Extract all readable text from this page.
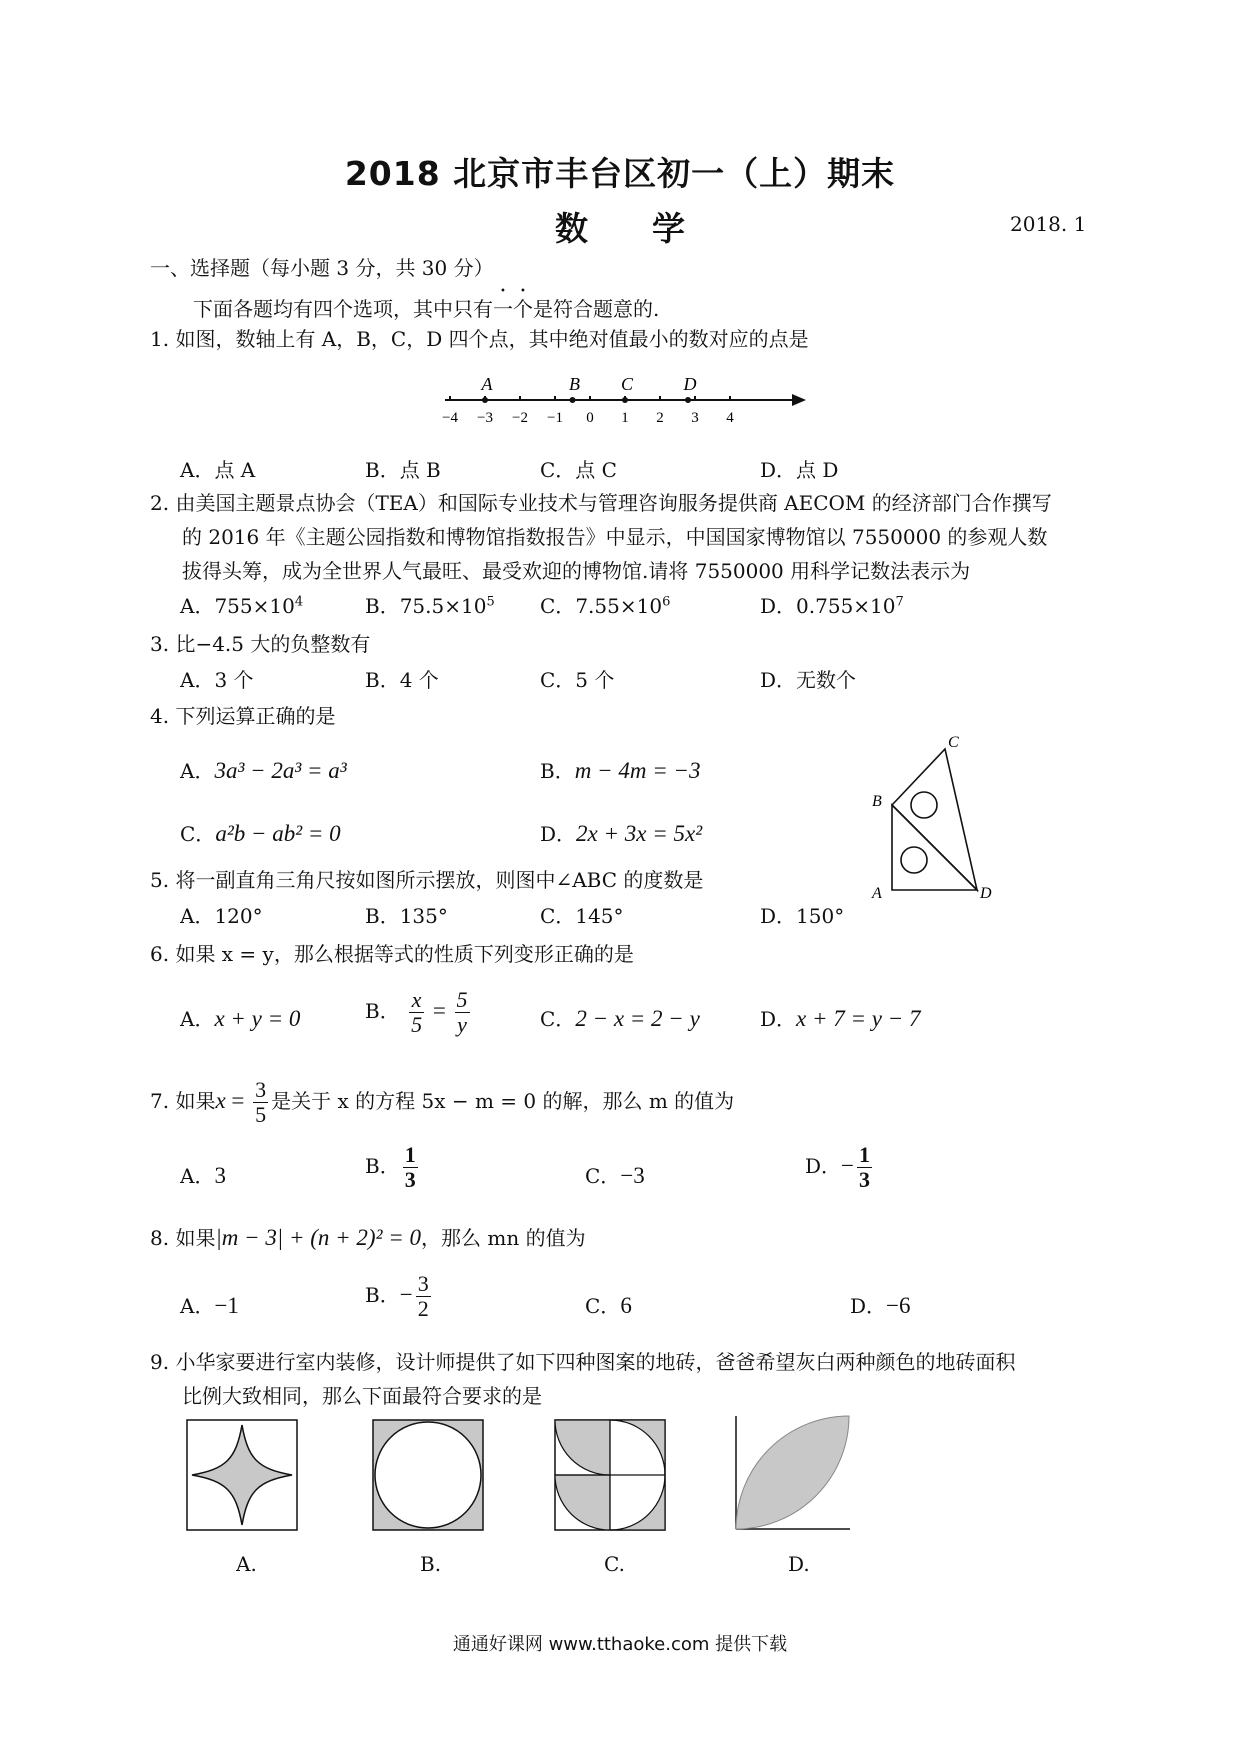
2018 北京市丰台区初一（上）期末
数 学	2018. 1
一、选择题（每小题 3 分，共 30 分）
下面各题均有四个选项，其中只有一个是符合题意的.
1. 如图，数轴上有 A，B，C，D 四个点，其中绝对值最小的数对应的点是
−4 −3 −2 −1 0 1 2 3 4
A	B C	D
A．点 A	B．点 B	C．点 C	D．点 D
2. 由美国主题景点协会（TEA）和国际专业技术与管理咨询服务提供商 AECOM 的经济部门合作撰写
的 2016 年《主题公园指数和博物馆指数报告》中显示，中国国家博物馆以 7550000 的参观人数
拔得头筹，成为全世界人气最旺、最受欢迎的博物馆.请将 7550000 用科学记数法表示为
A．$755\times 10^4$	B．$75.5\times 10^5$ C．$7.55\times 10^6$	D．$0.755\times 10^7$
3. 比−4.5 大的负整数有
A．3 个	B．4 个	C．5 个	D．无数个
4. 下列运算正确的是
A．3a³ − 2a³ = a³	B．m − 4m = −3
C．a²b − ab² = 0	D．2x + 3x = 5x²
C
B
A	D
5. 将一副直角三角尺按如图所示摆放，则图中∠ABC 的度数是
A．120°	B．135°	C．145°	D．150°
6. 如果 x = y，那么根据等式的性质下列变形正确的是
A．x + y = 0	B． $\frac{x}{5} = \frac{5}{y}$	C．2 − x = 2 − y	D．x + 7 = y − 7
7. 如果$x = \frac{3}{5}$ 是关于 x 的方程 5x − m = 0 的解，那么 m 的值为
A．3	B． $\frac{1}{3}$	C．−3	D．− $\frac{1}{3}$
8. 如果|m − 3| + (n + 2)² = 0，那么 mn 的值为
A．−1	B．− $\frac{3}{2}$	C．6	D．−6
9. 小华家要进行室内装修，设计师提供了如下四种图案的地砖，爸爸希望灰白两种颜色的地砖面积
比例大致相同，那么下面最符合要求的是
A.	B.	C.	D.
通通好课网 www.tthaoke.com 提供下载
